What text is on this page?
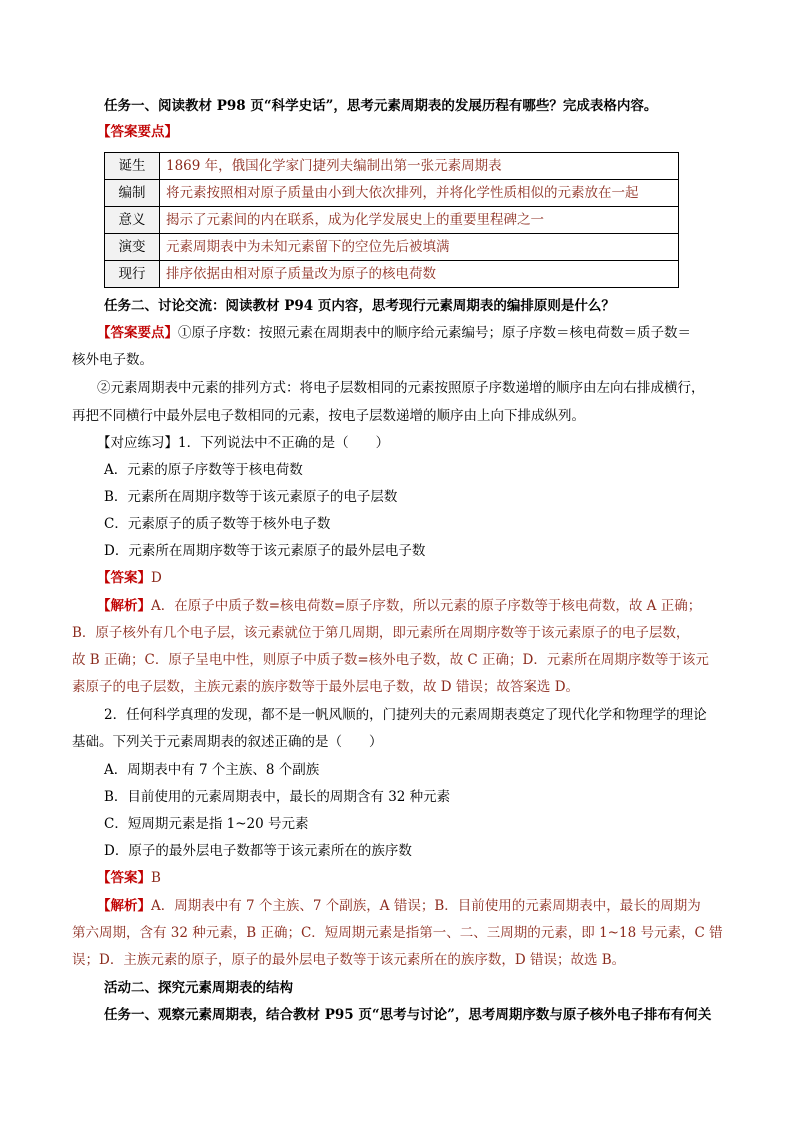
任务一、阅读教材 P98 页“科学史话”，思考元素周期表的发展历程有哪些？完成表格内容。
【答案要点】
诞生	1869 年，俄国化学家门捷列夫编制出第一张元素周期表
编制	将元素按照相对原子质量由小到大依次排列，并将化学性质相似的元素放在一起
意义	揭示了元素间的内在联系，成为化学发展史上的重要里程碑之一
演变	元素周期表中为未知元素留下的空位先后被填满
现行	排序依据由相对原子质量改为原子的核电荷数
任务二、讨论交流：阅读教材 P94 页内容，思考现行元素周期表的编排原则是什么？
【答案要点】①原子序数：按照元素在周期表中的顺序给元素编号；原子序数＝核电荷数＝质子数＝
核外电子数。
②元素周期表中元素的排列方式：将电子层数相同的元素按照原子序数递增的顺序由左向右排成横行，
再把不同横行中最外层电子数相同的元素，按电子层数递增的顺序由上向下排成纵列。
【对应练习】1．下列说法中不正确的是（　　）
A．元素的原子序数等于核电荷数
B．元素所在周期序数等于该元素原子的电子层数
C．元素原子的质子数等于核外电子数
D．元素所在周期序数等于该元素原子的最外层电子数
【答案】D
【解析】A．在原子中质子数=核电荷数=原子序数，所以元素的原子序数等于核电荷数，故 A 正确；
B．原子核外有几个电子层，该元素就位于第几周期，即元素所在周期序数等于该元素原子的电子层数，
故 B 正确；C．原子呈电中性，则原子中质子数=核外电子数，故 C 正确；D．元素所在周期序数等于该元
素原子的电子层数，主族元素的族序数等于最外层电子数，故 D 错误；故答案选 D。
2．任何科学真理的发现，都不是一帆风顺的，门捷列夫的元素周期表奠定了现代化学和物理学的理论
基础。下列关于元素周期表的叙述正确的是（　　）
A．周期表中有 7 个主族、8 个副族
B．目前使用的元素周期表中，最长的周期含有 32 种元素
C．短周期元素是指 1~20 号元素
D．原子的最外层电子数都等于该元素所在的族序数
【答案】B
【解析】A．周期表中有 7 个主族、7 个副族，A 错误；B．目前使用的元素周期表中，最长的周期为
第六周期，含有 32 种元素，B 正确；C．短周期元素是指第一、二、三周期的元素，即 1~18 号元素，C 错
误；D．主族元素的原子，原子的最外层电子数等于该元素所在的族序数，D 错误；故选 B。
活动二、探究元素周期表的结构
任务一、观察元素周期表，结合教材 P95 页“思考与讨论”，思考周期序数与原子核外电子排布有何关
